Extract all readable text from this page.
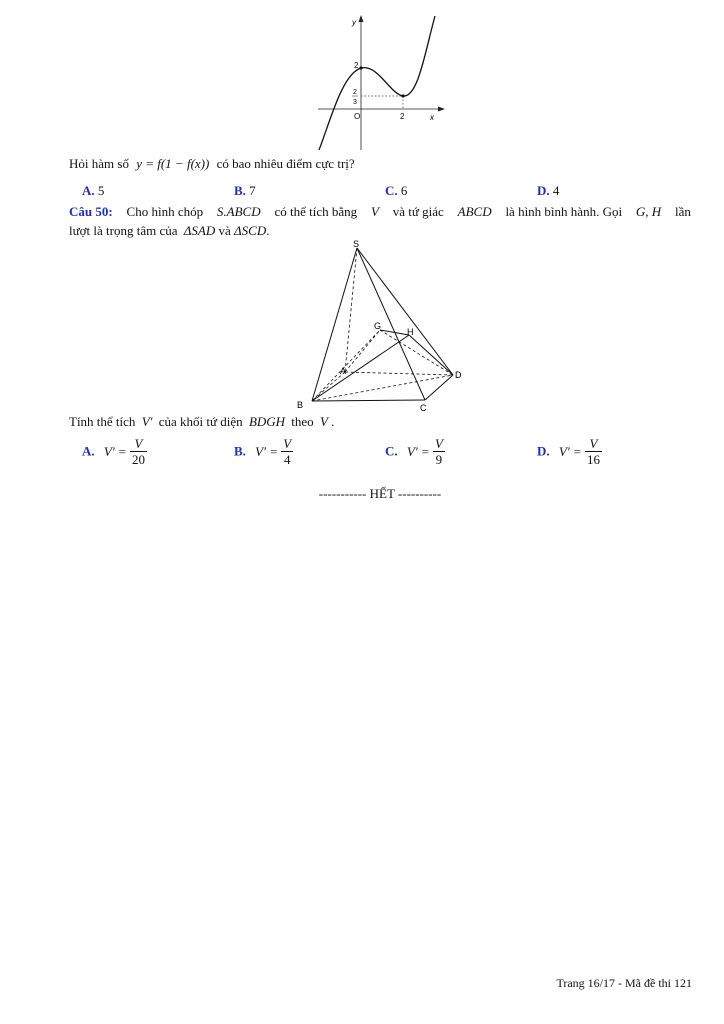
y
x
O
2
2
3
2
Hỏi hàm số y = f(1 − f(x)) có bao nhiêu điểm cực trị?
A. 5	B. 7	C. 6	D. 4
Câu 50: Cho hình chóp S.ABCD có thể tích bằng V và tứ giác ABCD là hình bình hành. Gọi G, H lần
lượt là trọng tâm của ΔSAD và ΔSCD.
S
G
H
A
B	C
D
Tính thể tích V′ của khối tứ diện BDGH theo V .
A. $V' = \frac{V}{20}$	B. $V' = \frac{V}{4}$	C. $V' = \frac{V}{9}$	D. $V' = \frac{V}{16}$
----------- HẾT ----------
Trang 16/17 - Mã đề thi 121
